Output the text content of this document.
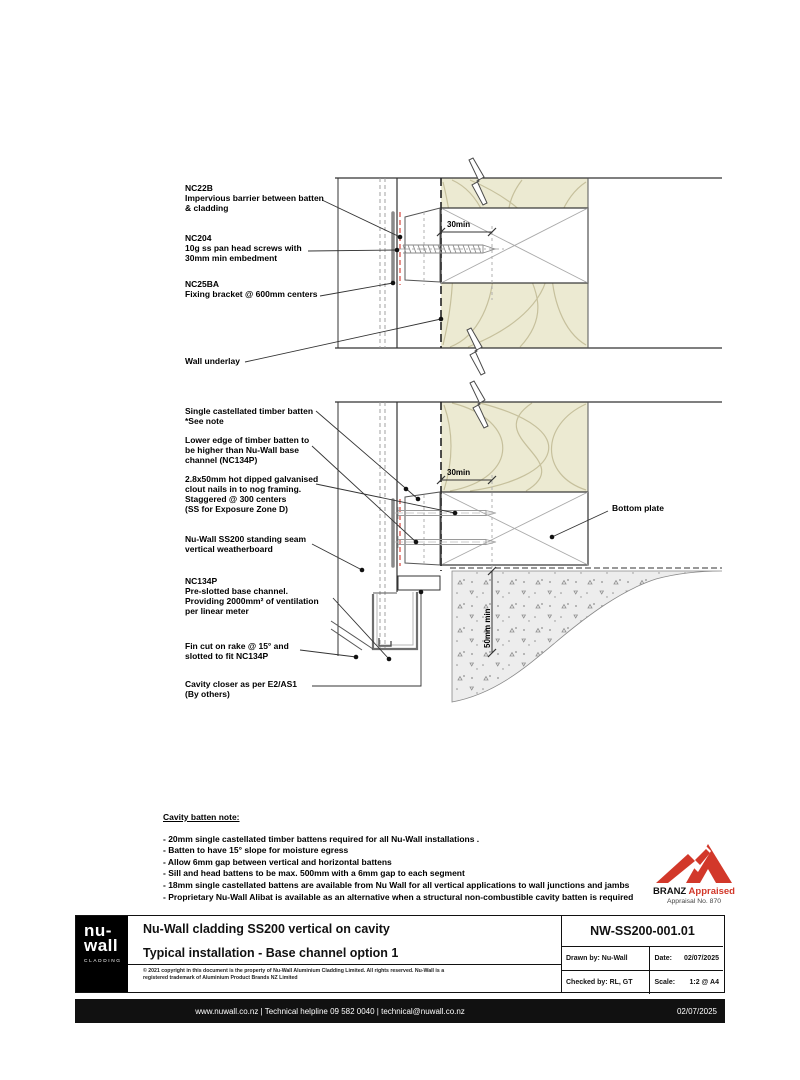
NC22B
Impervious barrier between batten
& cladding
NC204
10g ss pan head screws with
30mm min embedment
NC25BA
Fixing bracket @ 600mm centers
Wall underlay
Single castellated timber batten
*See note
Lower edge of timber batten to
be higher than Nu-Wall base
channel (NC134P)
2.8x50mm hot dipped galvanised
clout nails in to nog framing.
Staggered @ 300 centers
(SS for Exposure Zone D)
Nu-Wall SS200 standing seam
vertical weatherboard
NC134P
Pre-slotted base channel.
Providing 2000mm² of ventilation
per linear meter
Fin cut on rake @ 15° and
slotted to fit NC134P
Cavity closer as per E2/AS1
(By others)
Bottom plate
30min
30min
50mm min
Cavity batten note:
- 20mm single castellated timber battens required for all Nu-Wall installations .
- Batten to have 15° slope for moisture egress
- Allow 6mm gap between vertical and horizontal battens
- Sill and head battens to be max. 500mm with a 6mm gap to each segment
- 18mm single castellated battens are available from Nu Wall for all vertical applications to wall junctions and jambs
- Proprietary Nu-Wall Alibat is available as an alternative when a structural non-combustible cavity batten is required	BRANZ Appraised
Appraisal No. 870
nu-
wall
CLADDING
Nu-Wall cladding SS200 vertical on cavity
Typical installation - Base channel option 1
© 2021 copyright in this document is the property of Nu-Wall Aluminium Cladding Limited. All rights reserved. Nu-Wall is a
registered trademark of Aluminium Product Brands NZ Limited
NW-SS200-001.01
Drawn by:
Nu-Wall	Date: 02/07/2025
Checked by:
RL, GT	Scale: 1:2 @ A4
www.nuwall.co.nz | Technical helpline 09 582 0040 | technical@nuwall.co.nz	02/07/2025
